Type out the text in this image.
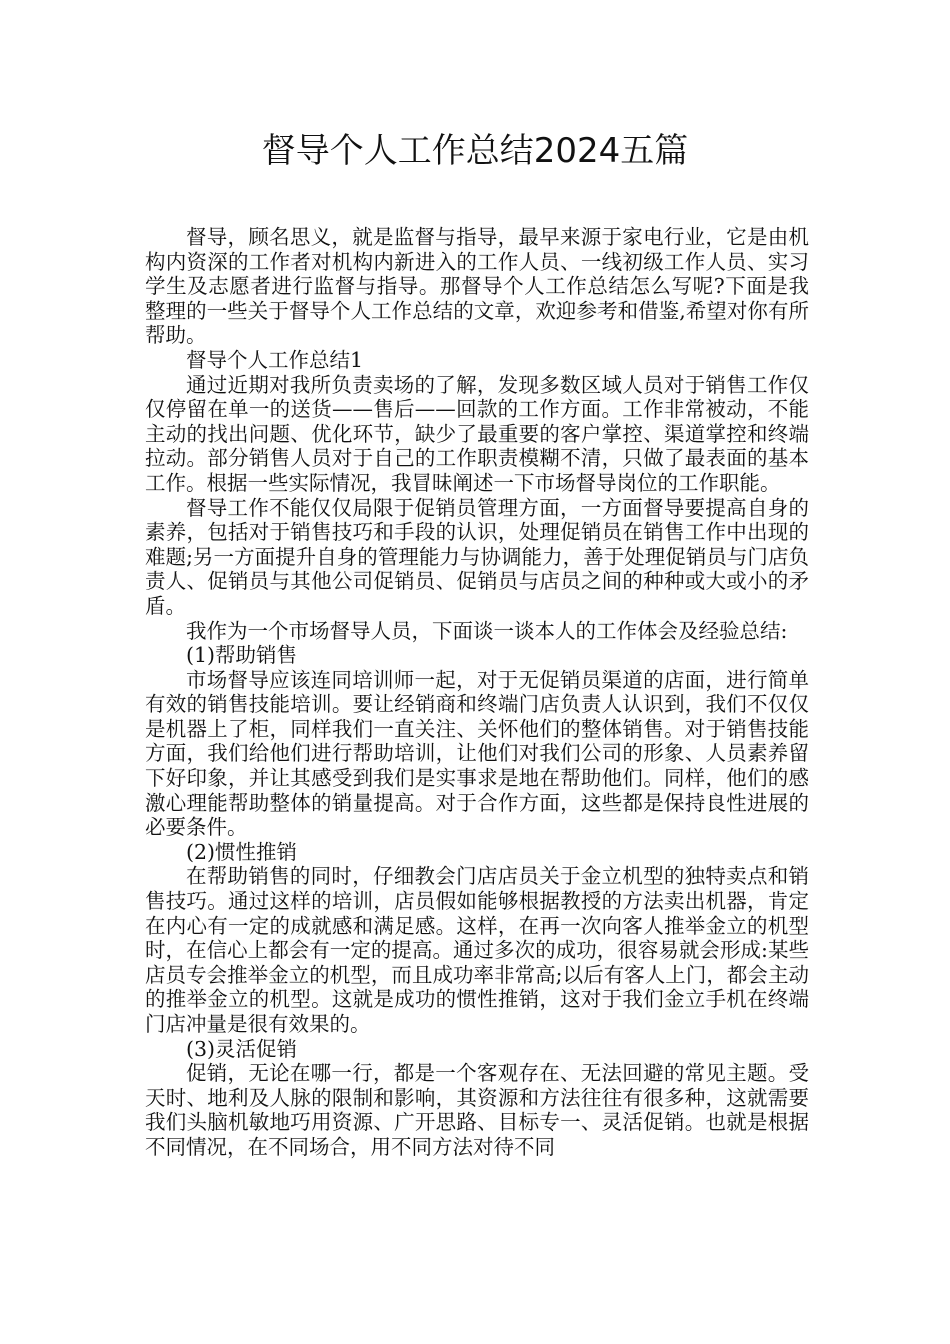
督导个人工作总结2024五篇

督导，顾名思义，就是监督与指导，最早来源于家电行业，它是由机构内资深的工作者对机构内新进入的工作人员、一线初级工作人员、实习学生及志愿者进行监督与指导。那督导个人工作总结怎么写呢?下面是我整理的一些关于督导个人工作总结的文章，欢迎参考和借鉴,希望对你有所帮助。

督导个人工作总结1

通过近期对我所负责卖场的了解，发现多数区域人员对于销售工作仅仅停留在单一的送货——售后——回款的工作方面。工作非常被动，不能主动的找出问题、优化环节，缺少了最重要的客户掌控、渠道掌控和终端拉动。部分销售人员对于自己的工作职责模糊不清，只做了最表面的基本工作。根据一些实际情况，我冒昧阐述一下市场督导岗位的工作职能。

督导工作不能仅仅局限于促销员管理方面，一方面督导要提高自身的素养，包括对于销售技巧和手段的认识，处理促销员在销售工作中出现的难题;另一方面提升自身的管理能力与协调能力，善于处理促销员与门店负责人、促销员与其他公司促销员、促销员与店员之间的种种或大或小的矛盾。

我作为一个市场督导人员，下面谈一谈本人的工作体会及经验总结:

(1)帮助销售

市场督导应该连同培训师一起，对于无促销员渠道的店面，进行简单有效的销售技能培训。要让经销商和终端门店负责人认识到，我们不仅仅是机器上了柜，同样我们一直关注、关怀他们的整体销售。对于销售技能方面，我们给他们进行帮助培训，让他们对我们公司的形象、人员素养留下好印象，并让其感受到我们是实事求是地在帮助他们。同样，他们的感激心理能帮助整体的销量提高。对于合作方面，这些都是保持良性进展的必要条件。

(2)惯性推销

在帮助销售的同时，仔细教会门店店员关于金立机型的独特卖点和销售技巧。通过这样的培训，店员假如能够根据教授的方法卖出机器，肯定在内心有一定的成就感和满足感。这样，在再一次向客人推举金立的机型时，在信心上都会有一定的提高。通过多次的成功，很容易就会形成:某些店员专会推举金立的机型，而且成功率非常高;以后有客人上门，都会主动的推举金立的机型。这就是成功的惯性推销，这对于我们金立手机在终端门店冲量是很有效果的。

(3)灵活促销

促销，无论在哪一行，都是一个客观存在、无法回避的常见主题。受天时、地利及人脉的限制和影响，其资源和方法往往有很多种，这就需要我们头脑机敏地巧用资源、广开思路、目标专一、灵活促销。也就是根据不同情况，在不同场合，用不同方法对待不同
